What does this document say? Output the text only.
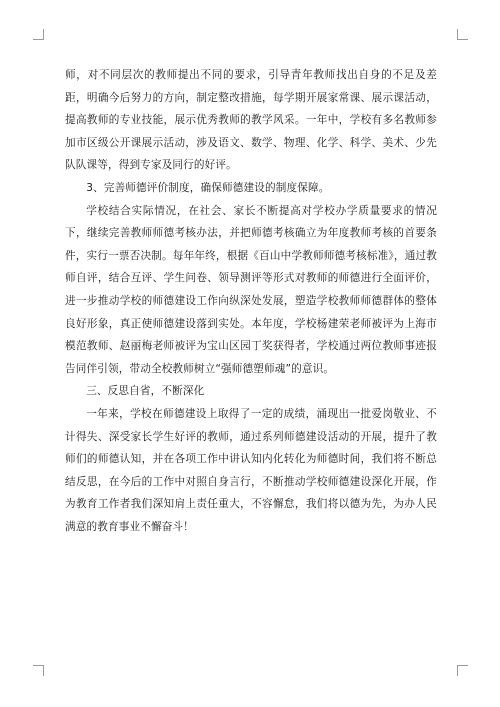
师，对不同层次的教师提出不同的要求，引导青年教师找出自身的不足及差距，明确今后努力的方向，制定整改措施，每学期开展家常课、展示课活动，提高教师的专业技能，展示优秀教师的教学风采。一年中，学校有多名教师参加市区级公开课展示活动，涉及语文、数学、物理、化学、科学、美术、少先队队课等，得到专家及同行的好评。

3、完善师德评价制度，确保师德建设的制度保障。

学校结合实际情况，在社会、家长不断提高对学校办学质量要求的情况下，继续完善教师师德考核办法，并把师德考核确立为年度教师考核的首要条件，实行一票否决制。每年年终，根据《百山中学教师师德考核标准》，通过教师自评，结合互评、学生问卷、领导测评等形式对教师的师德进行全面评价，进一步推动学校的师德建设工作向纵深处发展，塑造学校教师师德群体的整体良好形象，真正使师德建设落到实处。本年度，学校杨建荣老师被评为上海市模范教师、赵丽梅老师被评为宝山区园丁奖获得者，学校通过两位教师事迹报告同伴引领，带动全校教师树立“强师德塑师魂”的意识。

三、反思自省，不断深化

一年来，学校在师德建设上取得了一定的成绩，涌现出一批爱岗敬业、不计得失、深受家长学生好评的教师，通过系列师德建设活动的开展，提升了教师们的师德认知，并在各项工作中讲认知内化转化为师德时间，我们将不断总结反思，在今后的工作中对照自身言行，不断推动学校师德建设深化开展，作为教育工作者我们深知肩上责任重大，不容懈怠，我们将以德为先，为办人民满意的教育事业不懈奋斗！
